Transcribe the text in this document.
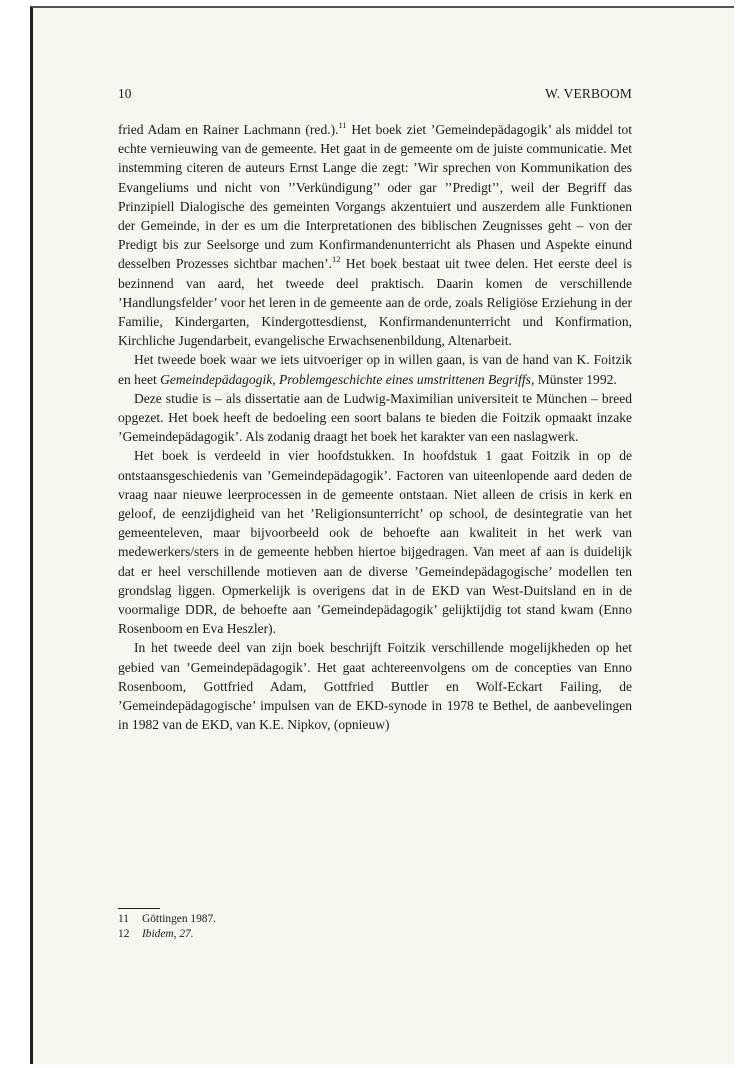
10	W. VERBOOM

fried Adam en Rainer Lachmann (red.).$^{11}$ Het boek ziet ’Gemeindepädagogik’ als middel tot echte vernieuwing van de gemeente. Het gaat in de gemeente om de juiste communicatie. Met instemming citeren de auteurs Ernst Lange die zegt: ’Wir sprechen von Kommunikation des Evangeliums und nicht von ’’Verkündigung’’ oder gar ’’Predigt’’, weil der Begriff das Prinzipiell Dialogische des gemeinten Vorgangs akzentuiert und auszerdem alle Funktionen der Gemeinde, in der es um die Interpretationen des biblischen Zeugnisses geht – von der Predigt bis zur Seelsorge und zum Konfirmandenunterricht als Phasen und Aspekte einund desselben Prozesses sichtbar machen’.$^{12}$ Het boek bestaat uit twee delen. Het eerste deel is bezinnend van aard, het tweede deel praktisch. Daarin komen de verschillende ’Handlungsfelder’ voor het leren in de gemeente aan de orde, zoals Religiöse Erziehung in der Familie, Kindergarten, Kindergottesdienst, Konfirmandenunterricht und Konfirmation, Kirchliche Jugendarbeit, evangelische Erwachsenenbildung, Altenarbeit.

Het tweede boek waar we iets uitvoeriger op in willen gaan, is van de hand van K. Foitzik en heet Gemeindepädagogik, Problemgeschichte eines umstrittenen Begriffs, Münster 1992.

Deze studie is – als dissertatie aan de Ludwig-Maximilian universiteit te München – breed opgezet. Het boek heeft de bedoeling een soort balans te bieden die Foitzik opmaakt inzake ’Gemeindepädagogik’. Als zodanig draagt het boek het karakter van een naslagwerk.

Het boek is verdeeld in vier hoofdstukken. In hoofdstuk 1 gaat Foitzik in op de ontstaansgeschiedenis van ’Gemeindepädagogik’. Factoren van uiteenlopende aard deden de vraag naar nieuwe leerprocessen in de gemeente ontstaan. Niet alleen de crisis in kerk en geloof, de eenzijdigheid van het ’Religionsunterricht’ op school, de desintegratie van het gemeenteleven, maar bijvoorbeeld ook de behoefte aan kwaliteit in het werk van medewerkers/sters in de gemeente hebben hiertoe bijgedragen. Van meet af aan is duidelijk dat er heel verschillende motieven aan de diverse ’Gemeindepädagogische’ modellen ten grondslag liggen. Opmerkelijk is overigens dat in de EKD van West-Duitsland en in de voormalige DDR, de behoefte aan ’Gemeindepädagogik’ gelijktijdig tot stand kwam (Enno Rosenboom en Eva Heszler).

In het tweede deel van zijn boek beschrijft Foitzik verschillende mogelijkheden op het gebied van ’Gemeindepädagogik’. Het gaat achtereenvolgens om de concepties van Enno Rosenboom, Gottfried Adam, Gottfried Buttler en Wolf-Eckart Failing, de ’Gemeindepädagogische’ impulsen van de EKD-synode in 1978 te Bethel, de aanbevelingen in 1982 van de EKD, van K.E. Nipkov, (opnieuw)

11 Göttingen 1987.
12 Ibidem, 27.
